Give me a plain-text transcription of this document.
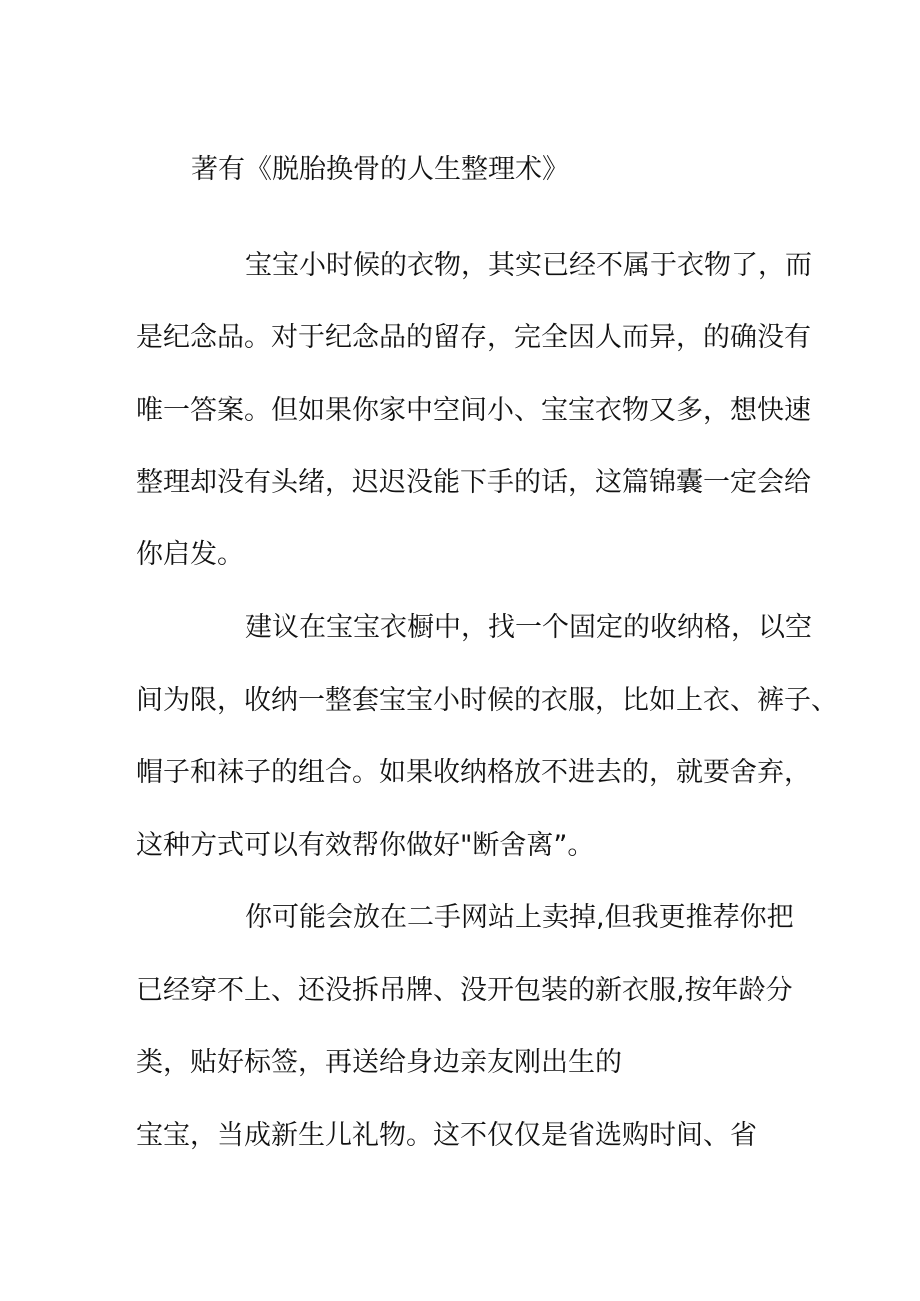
著有《脱胎换骨的人生整理术》
宝宝小时候的衣物，其实已经不属于衣物了，而
是纪念品。对于纪念品的留存，完全因人而异，的确没有
唯一答案。但如果你家中空间小、宝宝衣物又多，想快速
整理却没有头绪，迟迟没能下手的话，这篇锦囊一定会给
你启发。
建议在宝宝衣橱中，找一个固定的收纳格，以空
间为限，收纳一整套宝宝小时候的衣服，比如上衣、裤子、
帽子和袜子的组合。如果收纳格放不进去的，就要舍弃，
这种方式可以有效帮你做好"断舍离”。
你可能会放在二手网站上卖掉,但我更推荐你把
已经穿不上、还没拆吊牌、没开包装的新衣服,按年龄分
类，贴好标签，再送给身边亲友刚出生的
宝宝，当成新生儿礼物。这不仅仅是省选购时间、省
